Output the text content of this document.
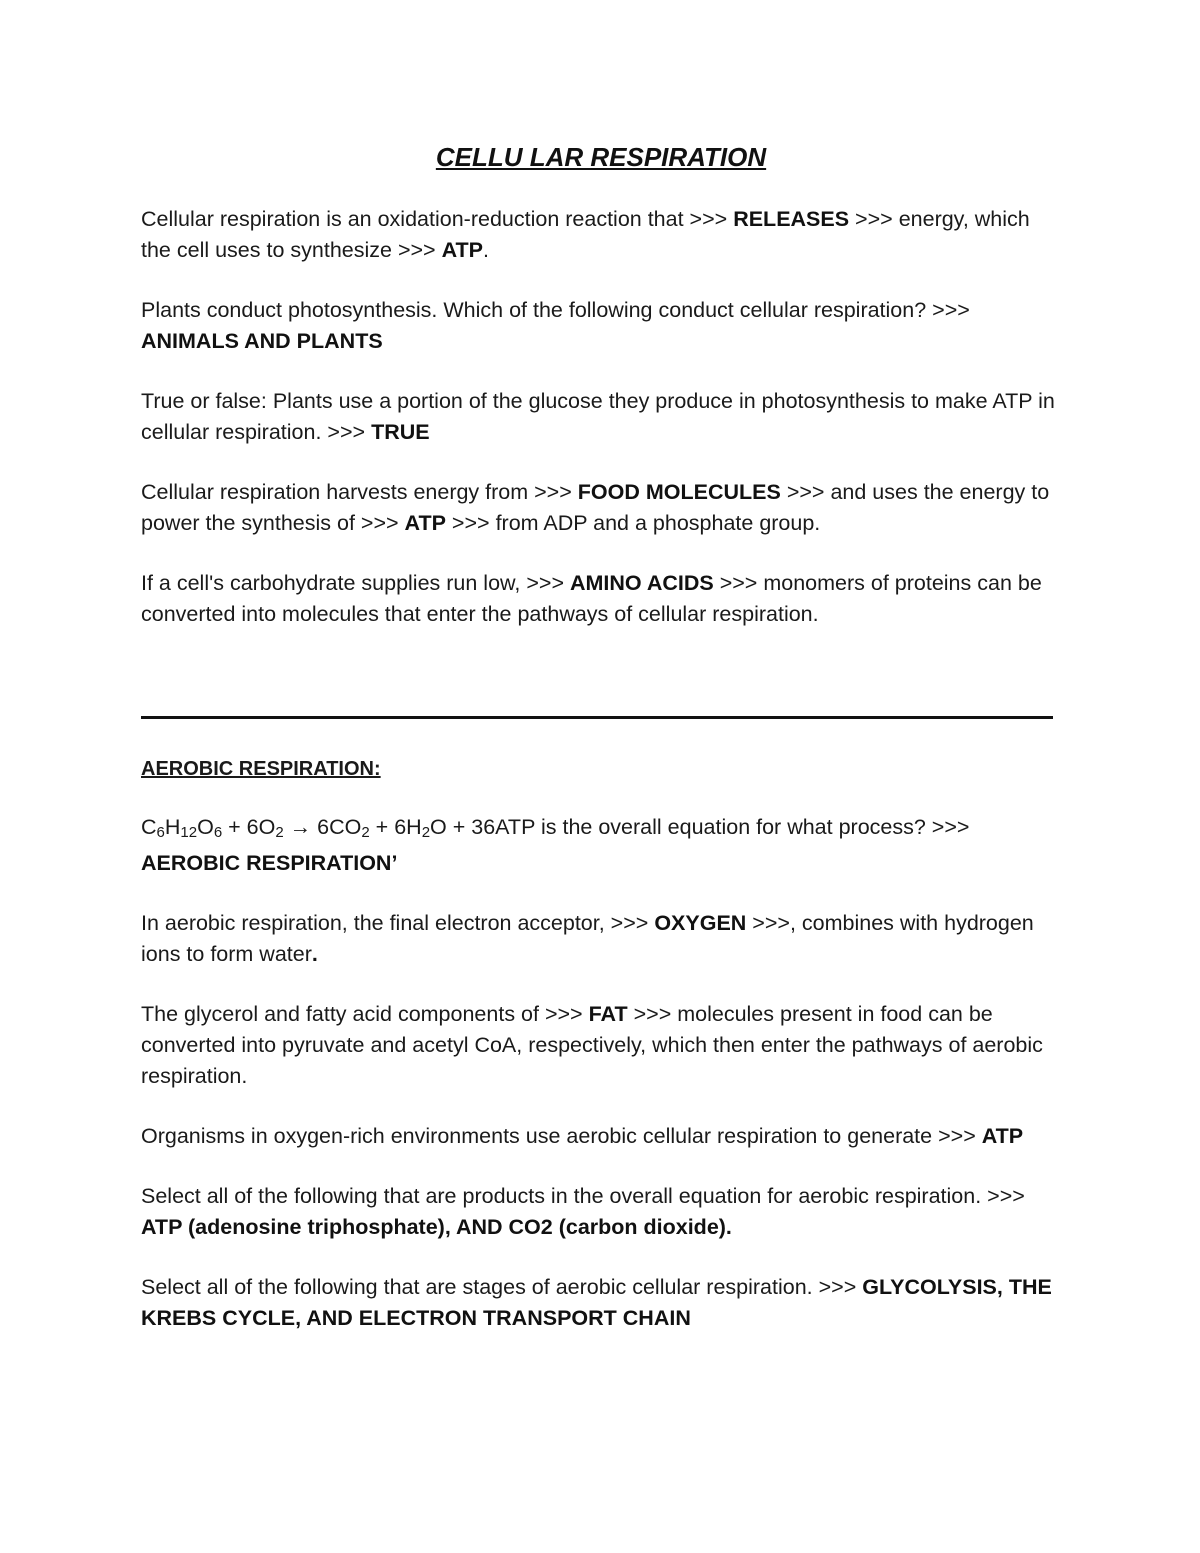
CELLU LAR RESPIRATION
Cellular respiration is an oxidation-reduction reaction that >>> RELEASES >>> energy, which the cell uses to synthesize >>> ATP.
Plants conduct photosynthesis. Which of the following conduct cellular respiration? >>> ANIMALS AND PLANTS
True or false: Plants use a portion of the glucose they produce in photosynthesis to make ATP in cellular respiration. >>> TRUE
Cellular respiration harvests energy from >>> FOOD MOLECULES >>> and uses the energy to power the synthesis of >>> ATP >>> from ADP and a phosphate group.
If a cell's carbohydrate supplies run low, >>> AMINO ACIDS >>> monomers of proteins can be converted into molecules that enter the pathways of cellular respiration.
AEROBIC RESPIRATION:
$C_6H_{12}O_6 + 6O_2 \to 6CO_2 + 6H_2O + 36ATP$ is the overall equation for what process? >>> AEROBIC RESPIRATION’
In aerobic respiration, the final electron acceptor, >>> OXYGEN >>>, combines with hydrogen ions to form water.
The glycerol and fatty acid components of >>> FAT >>> molecules present in food can be converted into pyruvate and acetyl CoA, respectively, which then enter the pathways of aerobic respiration.
Organisms in oxygen-rich environments use aerobic cellular respiration to generate >>> ATP
Select all of the following that are products in the overall equation for aerobic respiration. >>> ATP (adenosine triphosphate), AND CO2 (carbon dioxide).
Select all of the following that are stages of aerobic cellular respiration. >>> GLYCOLYSIS, THE KREBS CYCLE, AND ELECTRON TRANSPORT CHAIN
